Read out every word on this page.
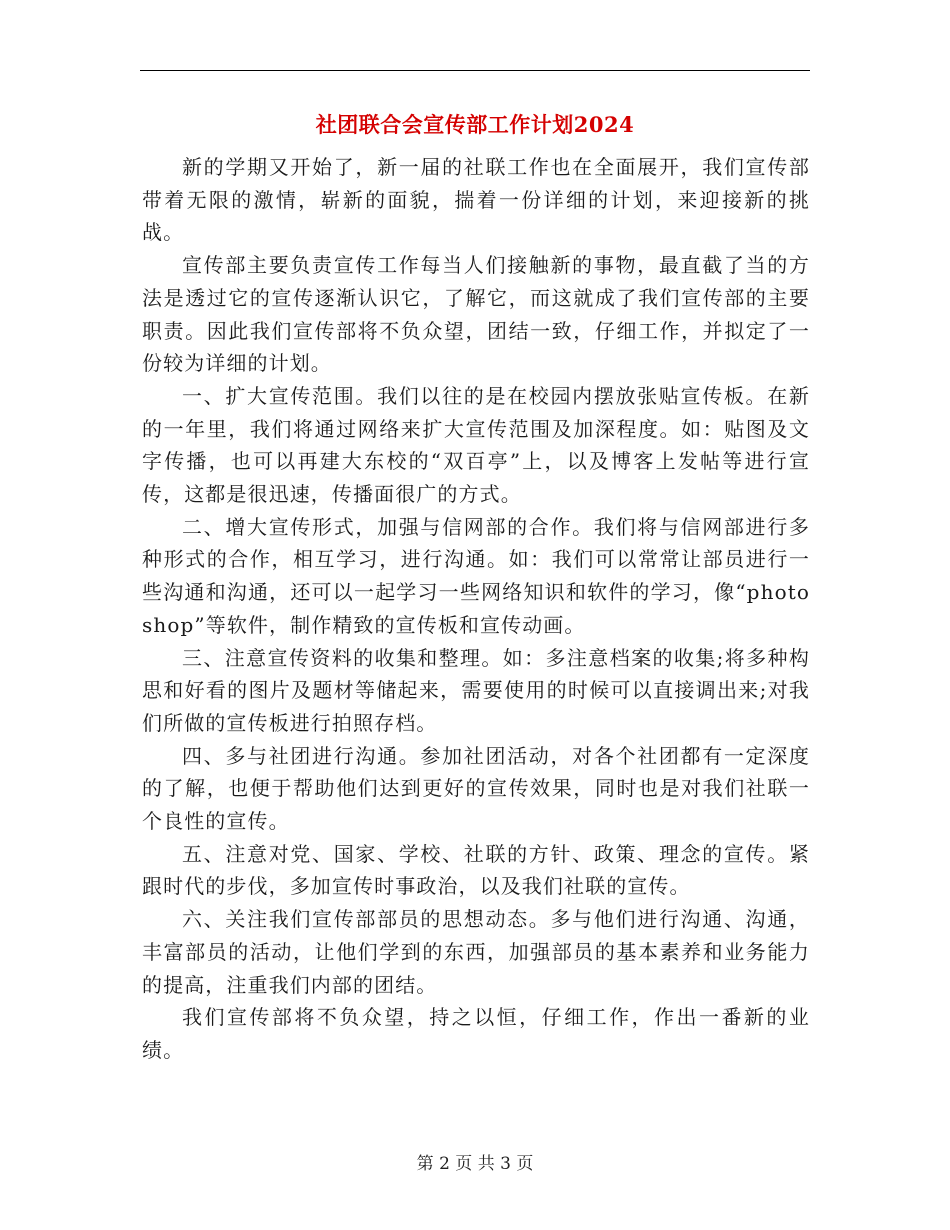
社团联合会宣传部工作计划2024

新的学期又开始了，新一届的社联工作也在全面展开，我们宣传部带着无限的激情，崭新的面貌，揣着一份详细的计划，来迎接新的挑战。

宣传部主要负责宣传工作每当人们接触新的事物，最直截了当的方法是透过它的宣传逐渐认识它，了解它，而这就成了我们宣传部的主要职责。因此我们宣传部将不负众望，团结一致，仔细工作，并拟定了一份较为详细的计划。

一、扩大宣传范围。我们以往的是在校园内摆放张贴宣传板。在新的一年里，我们将通过网络来扩大宣传范围及加深程度。如：贴图及文字传播，也可以再建大东校的“双百亭”上，以及博客上发帖等进行宣传，这都是很迅速，传播面很广的方式。

二、增大宣传形式，加强与信网部的合作。我们将与信网部进行多种形式的合作，相互学习，进行沟通。如：我们可以常常让部员进行一些沟通和沟通，还可以一起学习一些网络知识和软件的学习，像“photo shop”等软件，制作精致的宣传板和宣传动画。

三、注意宣传资料的收集和整理。如：多注意档案的收集;将多种构思和好看的图片及题材等储起来，需要使用的时候可以直接调出来;对我们所做的宣传板进行拍照存档。

四、多与社团进行沟通。参加社团活动，对各个社团都有一定深度的了解，也便于帮助他们达到更好的宣传效果，同时也是对我们社联一个良性的宣传。

五、注意对党、国家、学校、社联的方针、政策、理念的宣传。紧跟时代的步伐，多加宣传时事政治，以及我们社联的宣传。

六、关注我们宣传部部员的思想动态。多与他们进行沟通、沟通，丰富部员的活动，让他们学到的东西，加强部员的基本素养和业务能力的提高，注重我们内部的团结。

我们宣传部将不负众望，持之以恒，仔细工作，作出一番新的业绩。

第 2 页 共 3 页
